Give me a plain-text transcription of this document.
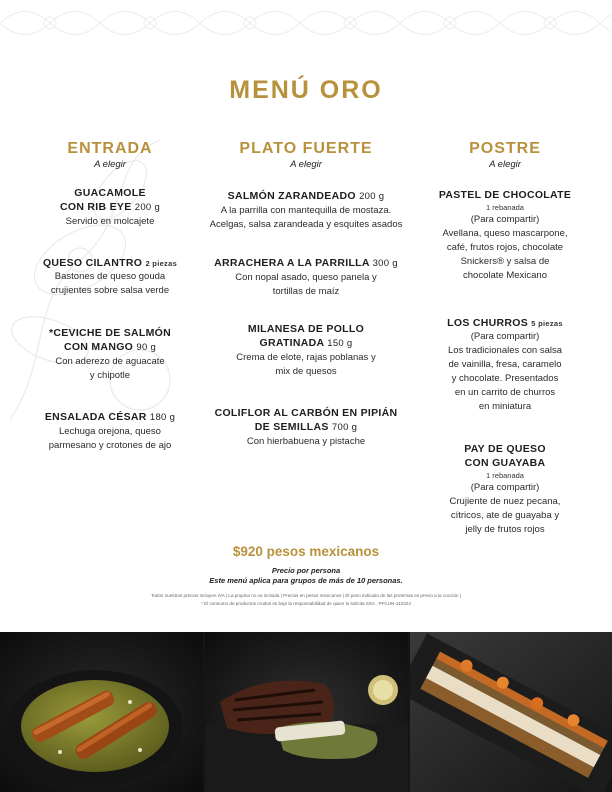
MENÚ ORO
ENTRADA
A elegir
GUACAMOLE
CON RIB EYE 200 g
Servido en molcajete
QUESO CILANTRO 2 piezas
Bastones de queso gouda
crujientes sobre salsa verde
*CEVICHE DE SALMÓN
CON MANGO 90 g
Con aderezo de aguacate
y chipotle
ENSALADA CÉSAR 180 g
Lechuga orejona, queso
parmesano y crotones de ajo
PLATO FUERTE
A elegir
SALMÓN ZARANDEADO 200 g
A la parrilla con mantequilla de mostaza.
Acelgas, salsa zarandeada y esquites asados
ARRACHERA A LA PARRILLA 300 g
Con nopal asado, queso panela y
tortillas de maíz
MILANESA DE POLLO
GRATINADA 150 g
Crema de elote, rajas poblanas y
mix de quesos
COLIFLOR AL CARBÓN EN PIPIÁN
DE SEMILLAS 700 g
Con hierbabuena y pistache
POSTRE
A elegir
PASTEL DE CHOCOLATE
1 rebanada
(Para compartir)
Avellana, queso mascarpone,
café, frutos rojos, chocolate
Snickers® y salsa de
chocolate Mexicano
LOS CHURROS 5 piezas
(Para compartir)
Los tradicionales con salsa
de vainilla, fresa, caramelo
y chocolate. Presentados
en un carrito de churros
en miniatura
PAY DE QUESO
CON GUAYABA
1 rebanada
(Para compartir)
Crujiente de nuez pecana,
cítricos, ate de guayaba y
jelly de frutos rojos
$920 pesos mexicanos
Precio por persona
Este menú aplica para grupos de más de 10 personas.
Todos nuestros precios incluyen IVA | La propina no va incluida | Precios en pesos mexicanos | El peso indicado de las proteínas es previo a la cocción |
* El consumo de productos crudos es bajo la responsabilidad de quien lo solicita SSA . PFCUN-110324
